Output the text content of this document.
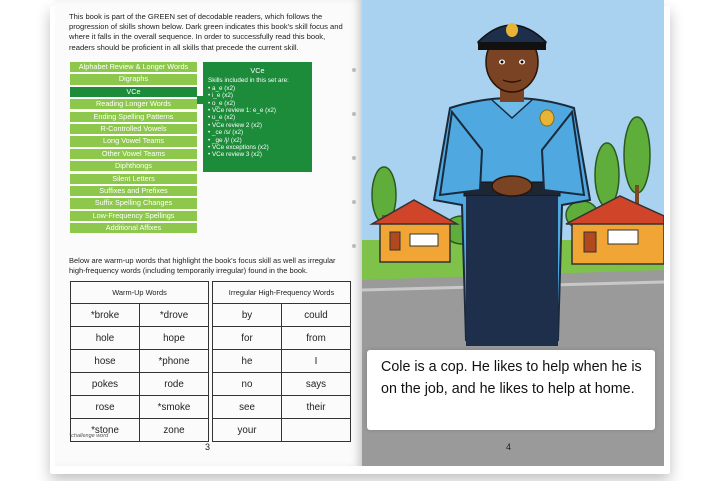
This book is part of the GREEN set of decodable readers, which follows the progression of skills shown below. Dark green indicates this book's skill focus and where it falls in the overall sequence. In order to successfully read this book, readers should be proficient in all skills that precede the current skill.
Alphabet Review & Longer Words
Digraphs
VCe
Reading Longer Words
Ending Spelling Patterns
R-Controlled Vowels
Long Vowel Teams
Other Vowel Teams
Diphthongs
Silent Letters
Suffixes and Prefixes
Suffix Spelling Changes
Low-Frequency Spellings
Additional Affixes
VCe
Skills included in this set are:
• a_e (x2)
• i_e (x2)
• o_e (x2)
• VCe review 1: e_e (x2)
• u_e (x2)
• VCe review 2 (x2)
• _ce /s/ (x2)
• _ge /j/ (x2)
• VCe exceptions (x2)
• VCe review 3 (x2)
Below are warm-up words that highlight the book's focus skill as well as irregular high-frequency words (including temporarily irregular) found in the book.
Warm-Up Words	
*broke	*drove
hole	hope
hose	*phone
pokes	rode
rose	*smoke
*stone	zone
Irregular High-Frequency Words	
by	could
for	from
he	I
no	says
see	their
your	
*challenge word
3
Cole is a cop. He likes to help when he is on the job, and he likes to help at home.
4
